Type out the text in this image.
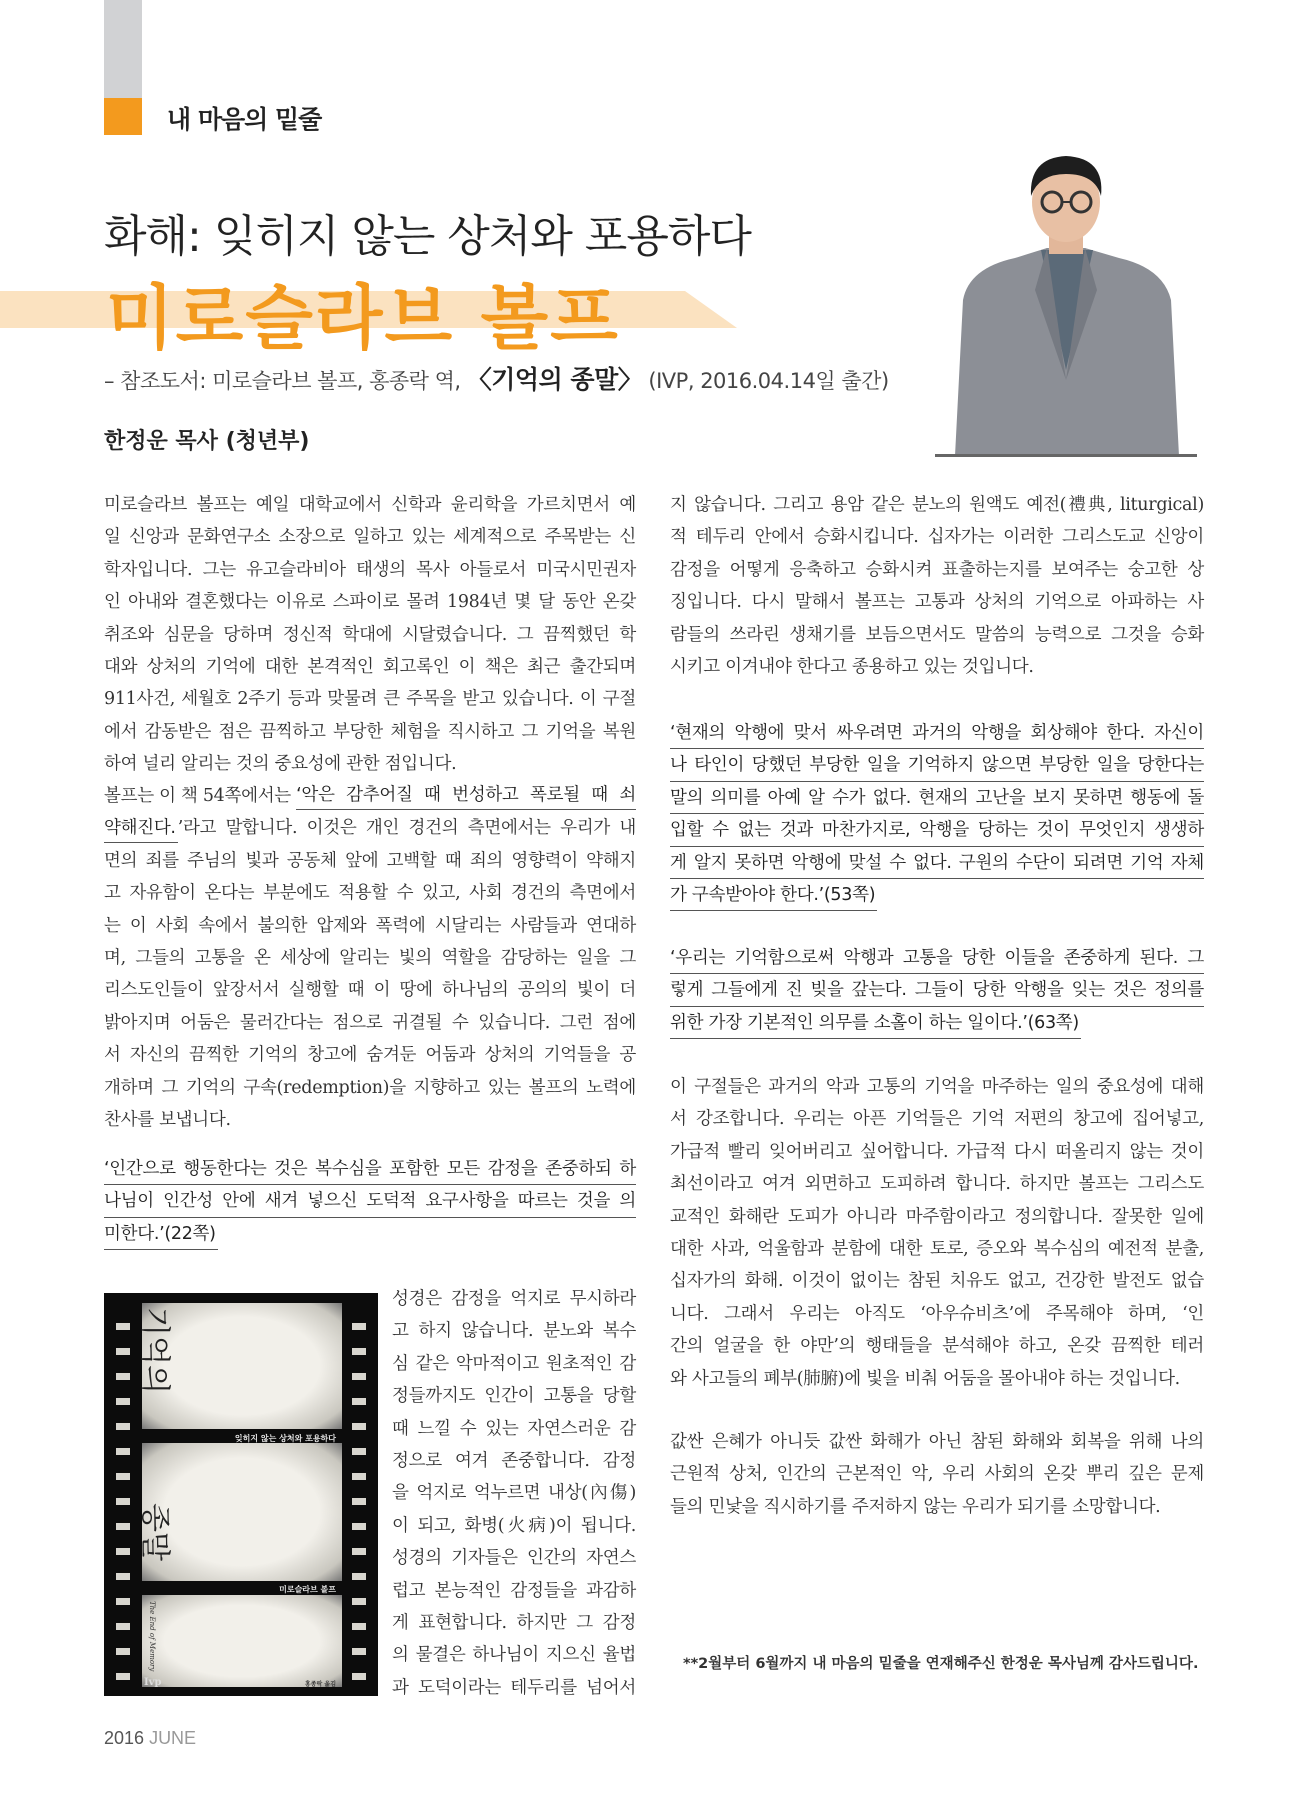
내 마음의 밑줄
화해: 잊히지 않는 상처와 포용하다
미로슬라브 볼프
– 참조도서: 미로슬라브 볼프, 홍종락 역, 〈기억의 종말〉 (IVP, 2016.04.14일 출간)
한정운 목사 (청년부)
미로슬라브 볼프는 예일 대학교에서 신학과 윤리학을 가르치면서 예
일 신앙과 문화연구소 소장으로 일하고 있는 세계적으로 주목받는 신
학자입니다. 그는 유고슬라비아 태생의 목사 아들로서 미국시민권자
인 아내와 결혼했다는 이유로 스파이로 몰려 1984년 몇 달 동안 온갖
취조와 심문을 당하며 정신적 학대에 시달렸습니다. 그 끔찍했던 학
대와 상처의 기억에 대한 본격적인 회고록인 이 책은 최근 출간되며
911사건, 세월호 2주기 등과 맞물려 큰 주목을 받고 있습니다. 이 구절
에서 감동받은 점은 끔찍하고 부당한 체험을 직시하고 그 기억을 복원
하여 널리 알리는 것의 중요성에 관한 점입니다.
볼프는 이 책 54쪽에서는 ‘악은 감추어질 때 번성하고 폭로될 때 쇠
약해진다. ’라고 말합니다. 이것은 개인 경건의 측면에서는 우리가 내
면의 죄를 주님의 빛과 공동체 앞에 고백할 때 죄의 영향력이 약해지
고 자유함이 온다는 부분에도 적용할 수 있고, 사회 경건의 측면에서
는 이 사회 속에서 불의한 압제와 폭력에 시달리는 사람들과 연대하
며, 그들의 고통을 온 세상에 알리는 빛의 역할을 감당하는 일을 그
리스도인들이 앞장서서 실행할 때 이 땅에 하나님의 공의의 빛이 더
밝아지며 어둠은 물러간다는 점으로 귀결될 수 있습니다. 그런 점에
서 자신의 끔찍한 기억의 창고에 숨겨둔 어둠과 상처의 기억들을 공
개하며 그 기억의 구속(redemption)을 지향하고 있는 볼프의 노력에
찬사를 보냅니다.
‘인간으로 행동한다는 것은 복수심을 포함한 모든 감정을 존중하되 하
나님이 인간성 안에 새겨 넣으신 도덕적 요구사항을 따르는 것을 의
미한다.’(22쪽)

기억의
종말
잊히지 않는 상처와 포용하다
미로슬라브 볼프
The End of Memory
Ivp	홍종락 옮김
성경은 감정을 억지로 무시하라
고 하지 않습니다. 분노와 복수
심 같은 악마적이고 원초적인 감
정들까지도 인간이 고통을 당할
때 느낄 수 있는 자연스러운 감
정으로 여겨 존중합니다. 감정
을 억지로 억누르면 내상(內傷)
이 되고, 화병(火病)이 됩니다.
성경의 기자들은 인간의 자연스
럽고 본능적인 감정들을 과감하
게 표현합니다. 하지만 그 감정
의 물결은 하나님이 지으신 율법
과 도덕이라는 테두리를 넘어서
지 않습니다. 그리고 용암 같은 분노의 원액도 예전(禮典, liturgical)
적 테두리 안에서 승화시킵니다. 십자가는 이러한 그리스도교 신앙이
감정을 어떻게 응축하고 승화시켜 표출하는지를 보여주는 숭고한 상
징입니다. 다시 말해서 볼프는 고통과 상처의 기억으로 아파하는 사
람들의 쓰라린 생채기를 보듬으면서도 말씀의 능력으로 그것을 승화
시키고 이겨내야 한다고 종용하고 있는 것입니다.
‘현재의 악행에 맞서 싸우려면 과거의 악행을 회상해야 한다. 자신이
나 타인이 당했던 부당한 일을 기억하지 않으면 부당한 일을 당한다는
말의 의미를 아예 알 수가 없다. 현재의 고난을 보지 못하면 행동에 돌
입할 수 없는 것과 마찬가지로, 악행을 당하는 것이 무엇인지 생생하
게 알지 못하면 악행에 맞설 수 없다. 구원의 수단이 되려면 기억 자체
가 구속받아야 한다.’(53쪽)

‘우리는 기억함으로써 악행과 고통을 당한 이들을 존중하게 된다. 그
렇게 그들에게 진 빚을 갚는다. 그들이 당한 악행을 잊는 것은 정의를
위한 가장 기본적인 의무를 소홀이 하는 일이다.’(63쪽)

이 구절들은 과거의 악과 고통의 기억을 마주하는 일의 중요성에 대해
서 강조합니다. 우리는 아픈 기억들은 기억 저편의 창고에 집어넣고,
가급적 빨리 잊어버리고 싶어합니다. 가급적 다시 떠올리지 않는 것이
최선이라고 여겨 외면하고 도피하려 합니다. 하지만 볼프는 그리스도
교적인 화해란 도피가 아니라 마주함이라고 정의합니다. 잘못한 일에
대한 사과, 억울함과 분함에 대한 토로, 증오와 복수심의 예전적 분출,
십자가의 화해. 이것이 없이는 참된 치유도 없고, 건강한 발전도 없습
니다. 그래서 우리는 아직도 ‘아우슈비츠’에 주목해야 하며, ‘인
간의 얼굴을 한 야만’의 행태들을 분석해야 하고, 온갖 끔찍한 테러
와 사고들의 폐부(肺腑)에 빛을 비춰 어둠을 몰아내야 하는 것입니다.
값싼 은혜가 아니듯 값싼 화해가 아닌 참된 화해와 회복을 위해 나의
근원적 상처, 인간의 근본적인 악, 우리 사회의 온갖 뿌리 깊은 문제
들의 민낯을 직시하기를 주저하지 않는 우리가 되기를 소망합니다.
**2월부터 6월까지 내 마음의 밑줄을 연재해주신 한정운 목사님께 감사드립니다.
2016 JUNE
